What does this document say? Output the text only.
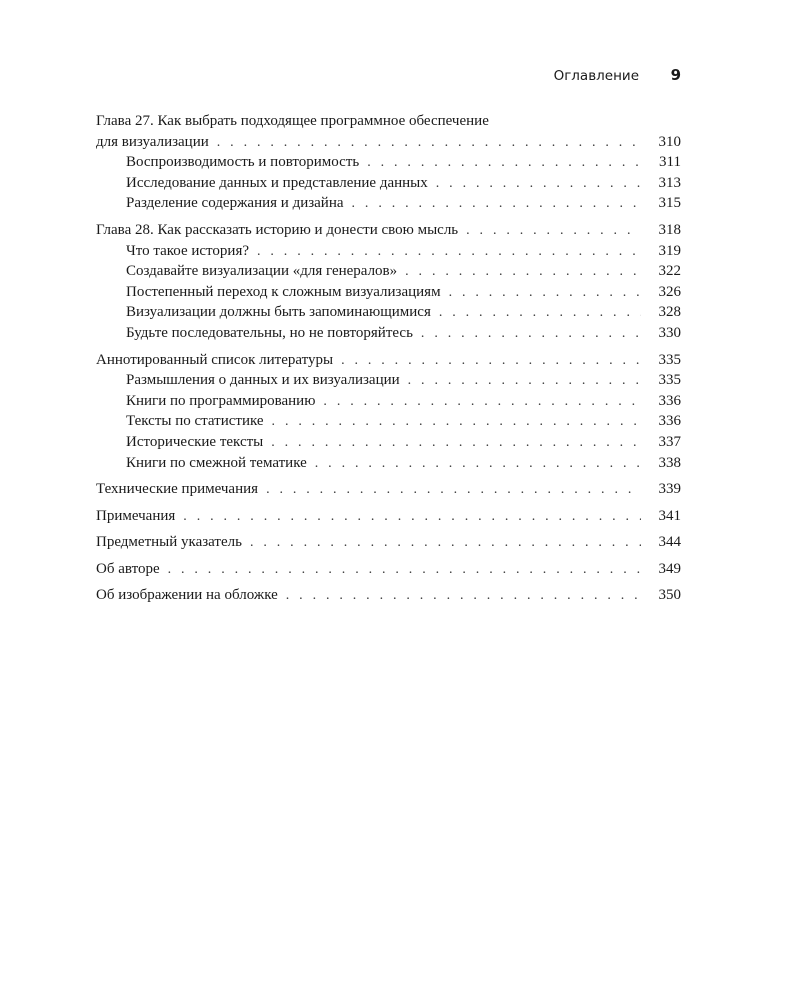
Оглавление 9
Глава 27. Как выбрать подходящее программное обеспечение
для визуализации . . .	310
Воспроизводимость и повторимость . . .	311
Исследование данных и представление данных . . .	313
Разделение содержания и дизайна . . .	315
Глава 28. Как рассказать историю и донести свою мысль . . .	318
Что такое история? . . .	319
Создавайте визуализации «для генералов» . . .	322
Постепенный переход к сложным визуализациям . . .	326
Визуализации должны быть запоминающимися . . .	328
Будьте последовательны, но не повторяйтесь . . .	330
Аннотированный список литературы . . .	335
Размышления о данных и их визуализации . . .	335
Книги по программированию . . .	336
Тексты по статистике . . .	336
Исторические тексты . . .	337
Книги по смежной тематике . . .	338
Технические примечания . . .	339
Примечания . . .	341
Предметный указатель . . .	344
Об авторе . . .	349
Об изображении на обложке . . .	350
